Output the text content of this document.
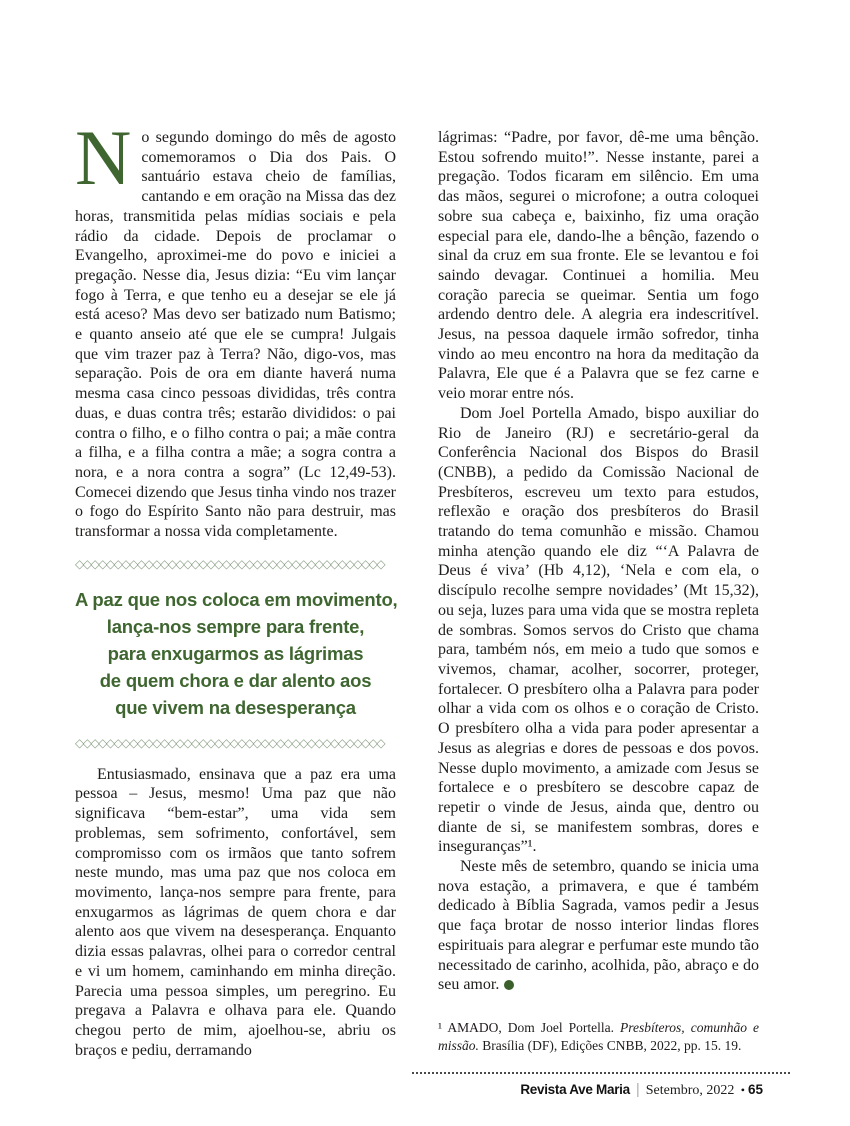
No segundo domingo do mês de agosto comemoramos o Dia dos Pais. O santuário estava cheio de famílias, cantando e em oração na Missa das dez horas, transmitida pelas mídias sociais e pela rádio da cidade. Depois de proclamar o Evangelho, aproximei-me do povo e iniciei a pregação. Nesse dia, Jesus dizia: “Eu vim lançar fogo à Terra, e que tenho eu a desejar se ele já está aceso? Mas devo ser batizado num Batismo; e quanto anseio até que ele se cumpra! Julgais que vim trazer paz à Terra? Não, digo-vos, mas separação. Pois de ora em diante haverá numa mesma casa cinco pessoas divididas, três contra duas, e duas contra três; estarão divididos: o pai contra o filho, e o filho contra o pai; a mãe contra a filha, e a filha contra a mãe; a sogra contra a nora, e a nora contra a sogra” (Lc 12,49-53). Comecei dizendo que Jesus tinha vindo nos trazer o fogo do Espírito Santo não para destruir, mas transformar a nossa vida completamente.

◇◇◇◇◇◇◇◇◇◇◇◇◇◇◇◇◇◇◇◇◇◇◇◇◇◇◇◇◇◇◇◇◇◇◇◇◇◇◇◇
A paz que nos coloca em movimento,
lança-nos sempre para frente,
para enxugarmos as lágrimas
de quem chora e dar alento aos
que vivem na desesperança
◇◇◇◇◇◇◇◇◇◇◇◇◇◇◇◇◇◇◇◇◇◇◇◇◇◇◇◇◇◇◇◇◇◇◇◇◇◇◇◇

Entusiasmado, ensinava que a paz era uma pessoa – Jesus, mesmo! Uma paz que não significava “bem-estar”, uma vida sem problemas, sem sofrimento, confortável, sem compromisso com os irmãos que tanto sofrem neste mundo, mas uma paz que nos coloca em movimento, lança-nos sempre para frente, para enxugarmos as lágrimas de quem chora e dar alento aos que vivem na desesperança. Enquanto dizia essas palavras, olhei para o corredor central e vi um homem, caminhando em minha direção. Parecia uma pessoa simples, um peregrino. Eu pregava a Palavra e olhava para ele. Quando chegou perto de mim, ajoelhou-se, abriu os braços e pediu, derramando

lágrimas: “Padre, por favor, dê-me uma bênção. Estou sofrendo muito!”. Nesse instante, parei a pregação. Todos ficaram em silêncio. Em uma das mãos, segurei o microfone; a outra coloquei sobre sua cabeça e, baixinho, fiz uma oração especial para ele, dando-lhe a bênção, fazendo o sinal da cruz em sua fronte. Ele se levantou e foi saindo devagar. Continuei a homilia. Meu coração parecia se queimar. Sentia um fogo ardendo dentro dele. A alegria era indescritível. Jesus, na pessoa daquele irmão sofredor, tinha vindo ao meu encontro na hora da meditação da Palavra, Ele que é a Palavra que se fez carne e veio morar entre nós.

Dom Joel Portella Amado, bispo auxiliar do Rio de Janeiro (RJ) e secretário-geral da Conferência Nacional dos Bispos do Brasil (CNBB), a pedido da Comissão Nacional de Presbíteros, escreveu um texto para estudos, reflexão e oração dos presbíteros do Brasil tratando do tema comunhão e missão. Chamou minha atenção quando ele diz “‘A Palavra de Deus é viva’ (Hb 4,12), ‘Nela e com ela, o discípulo recolhe sempre novidades’ (Mt 15,32), ou seja, luzes para uma vida que se mostra repleta de sombras. Somos servos do Cristo que chama para, também nós, em meio a tudo que somos e vivemos, chamar, acolher, socorrer, proteger, fortalecer. O presbítero olha a Palavra para poder olhar a vida com os olhos e o coração de Cristo. O presbítero olha a vida para poder apresentar a Jesus as alegrias e dores de pessoas e dos povos. Nesse duplo movimento, a amizade com Jesus se fortalece e o presbítero se descobre capaz de repetir o vinde de Jesus, ainda que, dentro ou diante de si, se manifestem sombras, dores e inseguranças”¹.

Neste mês de setembro, quando se inicia uma nova estação, a primavera, e que é também dedicado à Bíblia Sagrada, vamos pedir a Jesus que faça brotar de nosso interior lindas flores espirituais para alegrar e perfumar este mundo tão necessitado de carinho, acolhida, pão, abraço e do seu amor.

¹ AMADO, Dom Joel Portella. Presbíteros, comunhão e missão. Brasília (DF), Edições CNBB, 2022, pp. 15. 19.
Revista Ave Maria | Setembro, 2022 • 65
